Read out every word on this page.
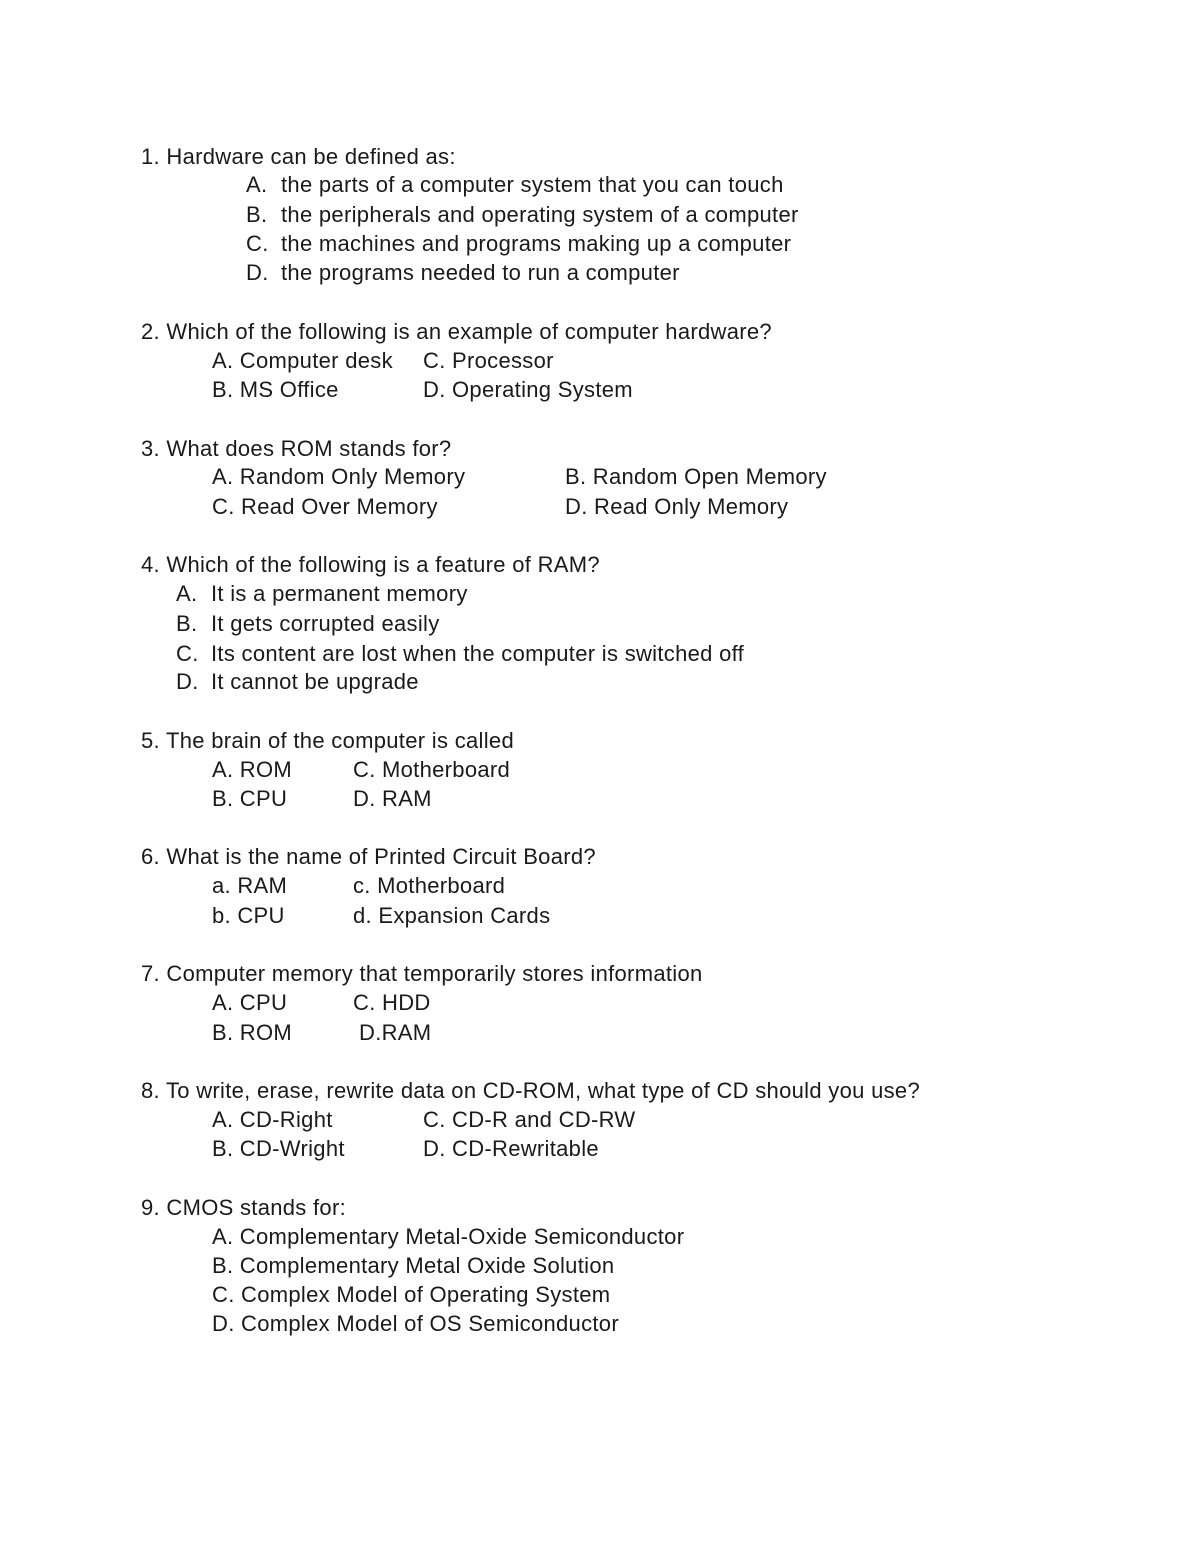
1. Hardware can be defined as:
A. the parts of a computer system that you can touch
B. the peripherals and operating system of a computer
C. the machines and programs making up a computer
D. the programs needed to run a computer
2. Which of the following is an example of computer hardware?
A. Computer desk C. Processor
B. MS Office	D. Operating System
3. What does ROM stands for?
A. Random Only Memory	B. Random Open Memory
C. Read Over Memory	D. Read Only Memory
4. Which of the following is a feature of RAM?
A. It is a permanent memory
B. It gets corrupted easily
C. Its content are lost when the computer is switched off
D. It cannot be upgrade
5. The brain of the computer is called
A. ROM	C. Motherboard
B. CPU	D. RAM
6. What is the name of Printed Circuit Board?
a. RAM	c. Motherboard
b. CPU	d. Expansion Cards
7. Computer memory that temporarily stores information
A. CPU	C. HDD
B. ROM	D.RAM
8. To write, erase, rewrite data on CD-ROM, what type of CD should you use?
A. CD-Right	C. CD-R and CD-RW
B. CD-Wright	D. CD-Rewritable
9. CMOS stands for:
A. Complementary Metal-Oxide Semiconductor
B. Complementary Metal Oxide Solution
C. Complex Model of Operating System
D. Complex Model of OS Semiconductor
